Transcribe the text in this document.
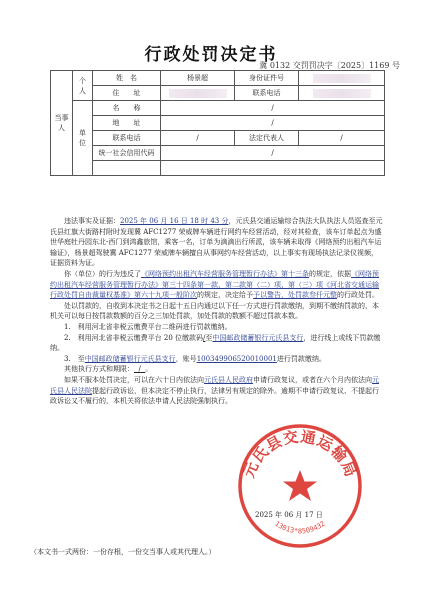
行政处罚决定书
冀 0132 交罚罚决字〔2025〕1169 号
当事人	个人	姓　名	杨景超	身份证件号	
		住　　址		联系电话	
	单位	名　　称	/		
		地　　址	/		
		联系电话	/	法定代表人	/
		统一社会信用代码	/		

违法事实及证据：2025 年 06 月 16 日 18 时 43 分，元氏县交通运输综合执法大队执法人员巡查至元氏县红旗大街路村附时发现冀 AFC1277 荣威牌车辆进行网约车经营活动，经对其检查，该车订单起点为盛世华庭牡丹园东北-西门到鸿鑫旅馆，乘客一名，订单为滴滴出行所派，该车辆未取得《网络预约出租汽车运输证》，杨景超驾驶冀 AFC1277 荣威牌车辆擅自从事网约车经营活动，以上事实有现场执法记录仪视频，证据资料为证。

你（单位）的行为违反了《网络预约出租汽车经营服务管理暂行办法》第十三条的规定，依据《网络预约出租汽车经营服务管理暂行办法》第三十四条第一款、第二款第（二）项、第（三）项《河北省交通运输行政处罚自由裁量权基准》第六十九项一般阶次的规定，决定给予予以警告，处罚款叁仟元整的行政处罚。

处以罚款的，自收到本决定书之日起十五日内通过以下任一方式进行罚款缴纳，到期不缴纳罚款的，本机关可以每日按罚款数额的百分之三加处罚款，加处罚款的数额不超过罚款本数。

1.　利用河北省非税云缴费平台二维码进行罚款缴纳。

2.　利用河北省非税云缴费平台 20 位缴款码/至中国邮政储蓄银行元氏县支行，进行线上或线下罚款缴纳。

3.　至中国邮政储蓄银行元氏县支行，账号100349906520010001进行罚款缴纳。

其他执行方式和期限： / 。

如果不服本处罚决定，可以在六十日内依法向元氏县人民政府申请行政复议，或者在六个月内依法向元氏县人民法院提起行政诉讼，但本决定不停止执行，法律另有规定的除外。逾期不申请行政复议、不提起行政诉讼又不履行的，本机关将依法申请人民法院强制执行。

元氏县交通运输局
13013*8509432
2025 年 06 月 17 日
（本文书一式两份：一份存根，一份交当事人或其代理人。）
